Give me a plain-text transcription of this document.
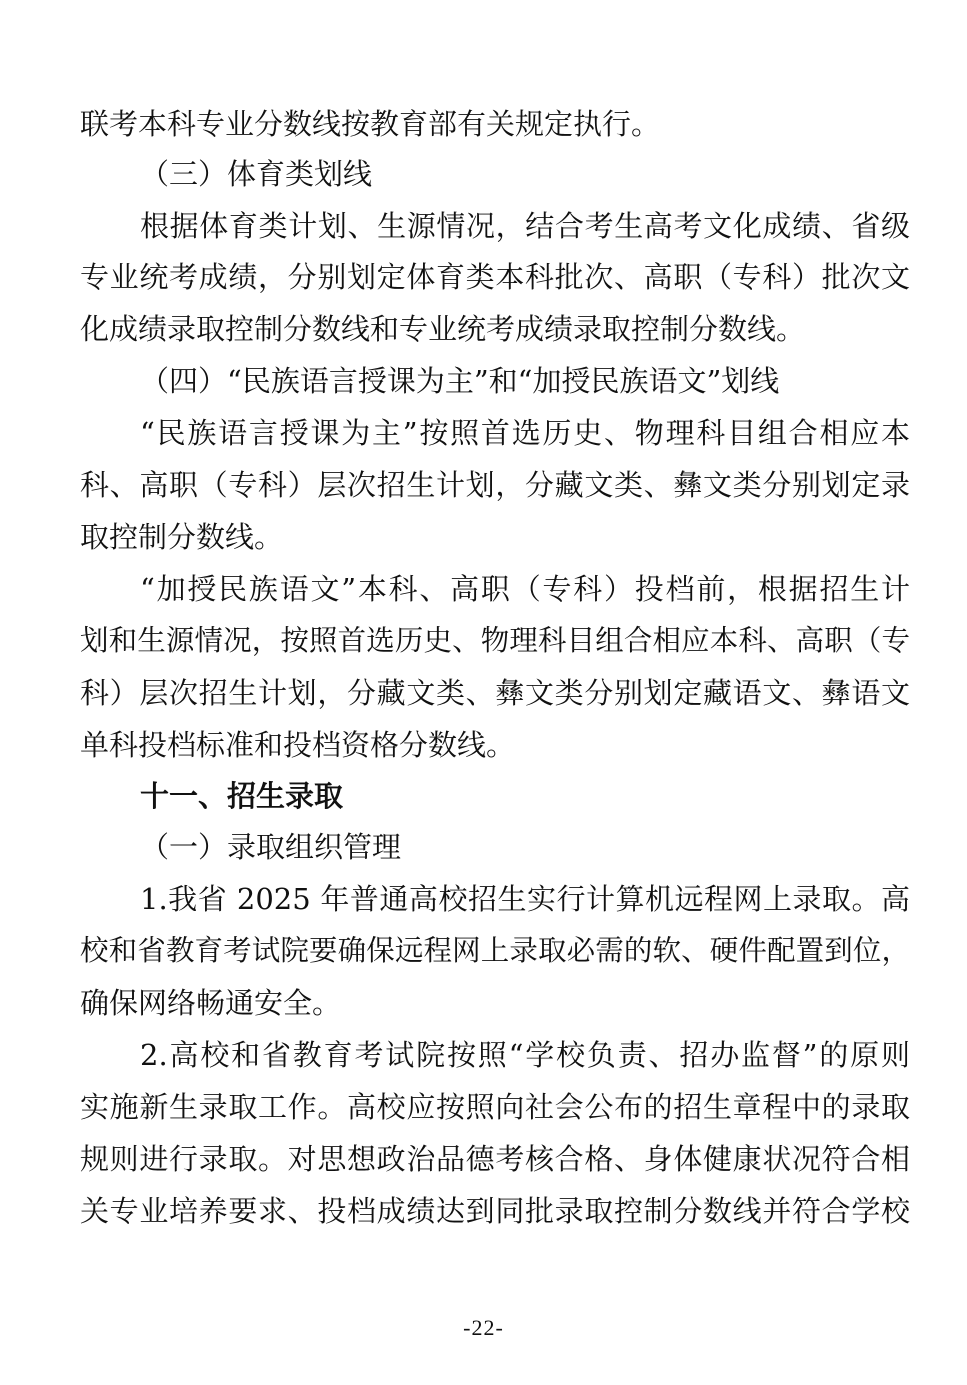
联考本科专业分数线按教育部有关规定执行。
（三）体育类划线
根据体育类计划、生源情况，结合考生高考文化成绩、省级
专业统考成绩，分别划定体育类本科批次、高职（专科）批次文
化成绩录取控制分数线和专业统考成绩录取控制分数线。
（四）“民族语言授课为主”和“加授民族语文”划线
“民族语言授课为主”按照首选历史、物理科目组合相应本
科、高职（专科）层次招生计划，分藏文类、彝文类分别划定录
取控制分数线。
“加授民族语文”本科、高职（专科）投档前，根据招生计
划和生源情况，按照首选历史、物理科目组合相应本科、高职（专
科）层次招生计划，分藏文类、彝文类分别划定藏语文、彝语文
单科投档标准和投档资格分数线。
十一、招生录取
（一）录取组织管理
1.我省 2025 年普通高校招生实行计算机远程网上录取。高
校和省教育考试院要确保远程网上录取必需的软、硬件配置到位，
确保网络畅通安全。
2.高校和省教育考试院按照“学校负责、招办监督”的原则
实施新生录取工作。高校应按照向社会公布的招生章程中的录取
规则进行录取。对思想政治品德考核合格、身体健康状况符合相
关专业培养要求、投档成绩达到同批录取控制分数线并符合学校
-22-
